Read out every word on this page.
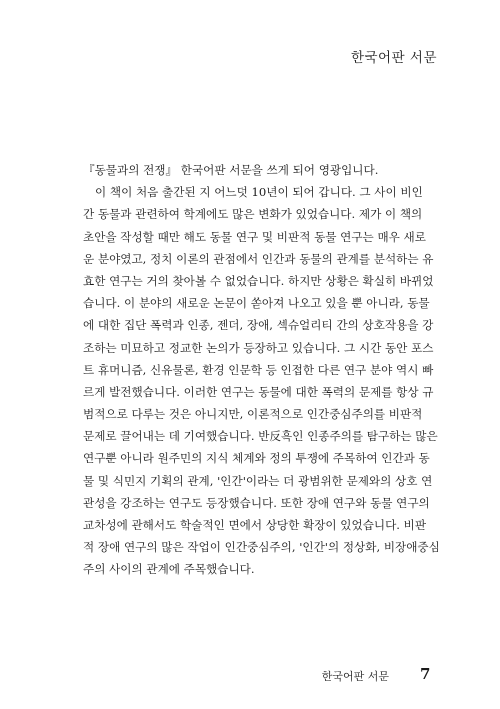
한국어판 서문
『동물과의 전쟁』 한국어판 서문을 쓰게 되어 영광입니다.
이 책이 처음 출간된 지 어느덧 10년이 되어 갑니다. 그 사이 비인
간 동물과 관련하여 학계에도 많은 변화가 있었습니다. 제가 이 책의
초안을 작성할 때만 해도 동물 연구 및 비판적 동물 연구는 매우 새로
운 분야였고, 정치 이론의 관점에서 인간과 동물의 관계를 분석하는 유
효한 연구는 거의 찾아볼 수 없었습니다. 하지만 상황은 확실히 바뀌었
습니다. 이 분야의 새로운 논문이 쏟아져 나오고 있을 뿐 아니라, 동물
에 대한 집단 폭력과 인종, 젠더, 장애, 섹슈얼리티 간의 상호작용을 강
조하는 미묘하고 정교한 논의가 등장하고 있습니다. 그 시간 동안 포스
트 휴머니즘, 신유물론, 환경 인문학 등 인접한 다른 연구 분야 역시 빠
르게 발전했습니다. 이러한 연구는 동물에 대한 폭력의 문제를 항상 규
범적으로 다루는 것은 아니지만, 이론적으로 인간중심주의를 비판적
문제로 끌어내는 데 기여했습니다. 반反흑인 인종주의를 탐구하는 많은
연구뿐 아니라 원주민의 지식 체계와 정의 투쟁에 주목하여 인간과 동
물 및 식민지 기획의 관계, '인간'이라는 더 광범위한 문제와의 상호 연
관성을 강조하는 연구도 등장했습니다. 또한 장애 연구와 동물 연구의
교차성에 관해서도 학술적인 면에서 상당한 확장이 있었습니다. 비판
적 장애 연구의 많은 작업이 인간중심주의, '인간'의 정상화, 비장애중심
주의 사이의 관계에 주목했습니다.
한국어판 서문 7
